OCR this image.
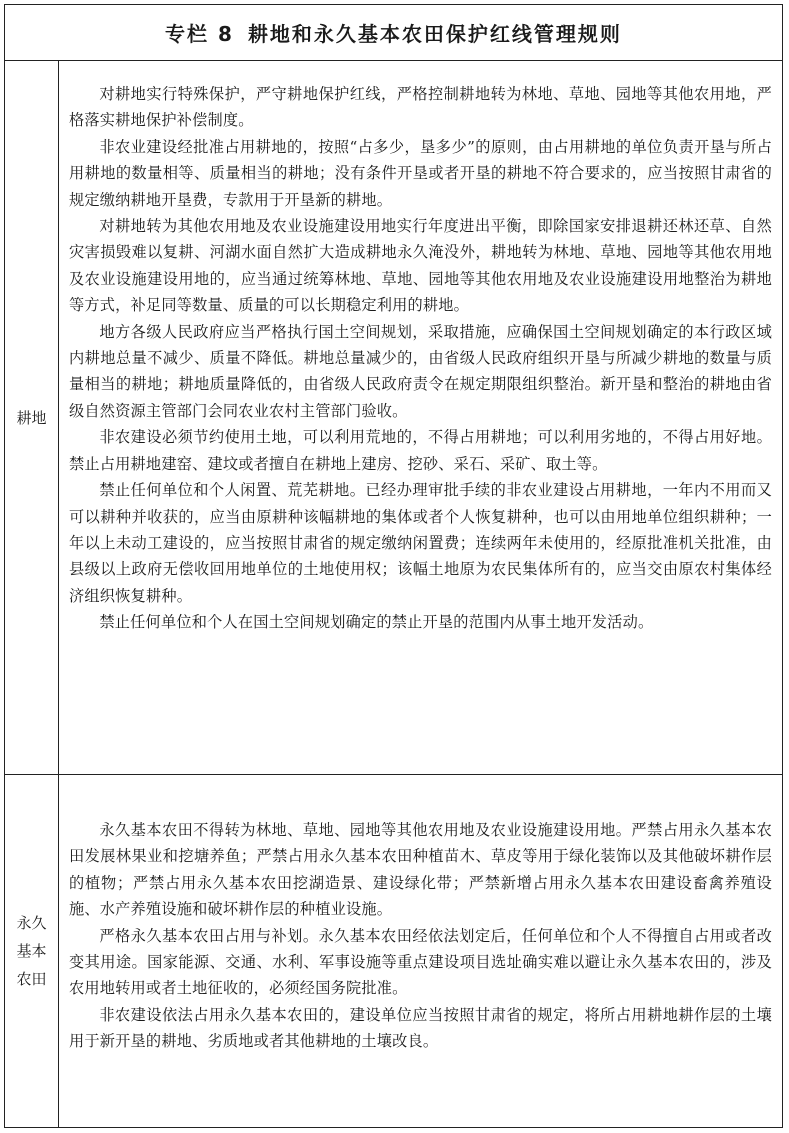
专栏 8 耕地和永久基本农田保护红线管理规则
耕地

对耕地实行特殊保护，严守耕地保护红线，严格控制耕地转为林地、草地、园地等其他农用地，严格落实耕地保护补偿制度。

非农业建设经批准占用耕地的，按照“占多少，垦多少”的原则，由占用耕地的单位负责开垦与所占用耕地的数量相等、质量相当的耕地；没有条件开垦或者开垦的耕地不符合要求的，应当按照甘肃省的规定缴纳耕地开垦费，专款用于开垦新的耕地。

对耕地转为其他农用地及农业设施建设用地实行年度进出平衡，即除国家安排退耕还林还草、自然灾害损毁难以复耕、河湖水面自然扩大造成耕地永久淹没外，耕地转为林地、草地、园地等其他农用地及农业设施建设用地的，应当通过统筹林地、草地、园地等其他农用地及农业设施建设用地整治为耕地等方式，补足同等数量、质量的可以长期稳定利用的耕地。

地方各级人民政府应当严格执行国土空间规划，采取措施，应确保国土空间规划确定的本行政区域内耕地总量不减少、质量不降低。耕地总量减少的，由省级人民政府组织开垦与所减少耕地的数量与质量相当的耕地；耕地质量降低的，由省级人民政府责令在规定期限组织整治。新开垦和整治的耕地由省级自然资源主管部门会同农业农村主管部门验收。

非农建设必须节约使用土地，可以利用荒地的，不得占用耕地；可以利用劣地的，不得占用好地。禁止占用耕地建窑、建坟或者擅自在耕地上建房、挖砂、采石、采矿、取土等。

禁止任何单位和个人闲置、荒芜耕地。已经办理审批手续的非农业建设占用耕地，一年内不用而又可以耕种并收获的，应当由原耕种该幅耕地的集体或者个人恢复耕种，也可以由用地单位组织耕种；一年以上未动工建设的，应当按照甘肃省的规定缴纳闲置费；连续两年未使用的，经原批准机关批准，由县级以上政府无偿收回用地单位的土地使用权；该幅土地原为农民集体所有的，应当交由原农村集体经济组织恢复耕种。

禁止任何单位和个人在国土空间规划确定的禁止开垦的范围内从事土地开发活动。

永久基本农田

永久基本农田不得转为林地、草地、园地等其他农用地及农业设施建设用地。严禁占用永久基本农田发展林果业和挖塘养鱼；严禁占用永久基本农田种植苗木、草皮等用于绿化装饰以及其他破坏耕作层的植物；严禁占用永久基本农田挖湖造景、建设绿化带；严禁新增占用永久基本农田建设畜禽养殖设施、水产养殖设施和破坏耕作层的种植业设施。

严格永久基本农田占用与补划。永久基本农田经依法划定后，任何单位和个人不得擅自占用或者改变其用途。国家能源、交通、水利、军事设施等重点建设项目选址确实难以避让永久基本农田的，涉及农用地转用或者土地征收的，必须经国务院批准。

非农建设依法占用永久基本农田的，建设单位应当按照甘肃省的规定，将所占用耕地耕作层的土壤用于新开垦的耕地、劣质地或者其他耕地的土壤改良。
